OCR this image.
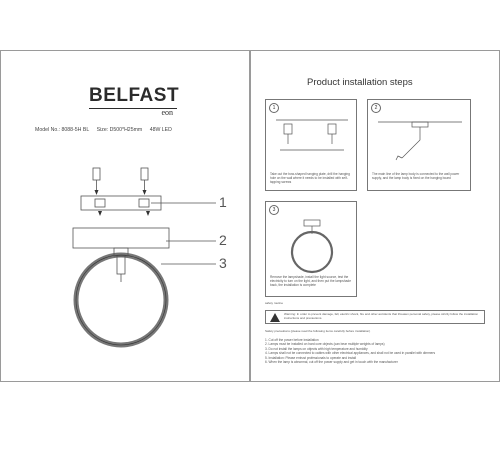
BELFAST
eon
Model No.: 8088-5H BL Size: D500*H25mm 48W LED
1
2
3
Product installation steps
1
Take out the bow-shaped hanging plate, drill the hanging hole on the wall where it needs to be installed with self-tapping screws
2
The main line of the lamp body is connected to the wall power supply, and the lamp body is fixed on the hanging board
3
Remove the lampshade, install the light source, test the electricity to turn on the light, and then put the lampshade back, the installation is complete
safety routine
Warning: In order to prevent damage, fall, electric shock, fire and other accidents that threaten personal safety, please strictly follow the installation instructions and precautions.
Safety precautions (please read the following items carefully before installation)
1. Cut off the power before installation
2. Lamps must be installed on hard core objects (can bear multiple weights of lamps)
3. Do not install the lamps on objects with high temperature and humidity
4. Lamps shall not be connected to cables with other electrical appliances, and shall not be used in parallel with dimmers
5. Installation: Please entrust professionals to operate and install
6. When the lamp is abnormal, cut off the power supply and get in touch with the manufacturer
